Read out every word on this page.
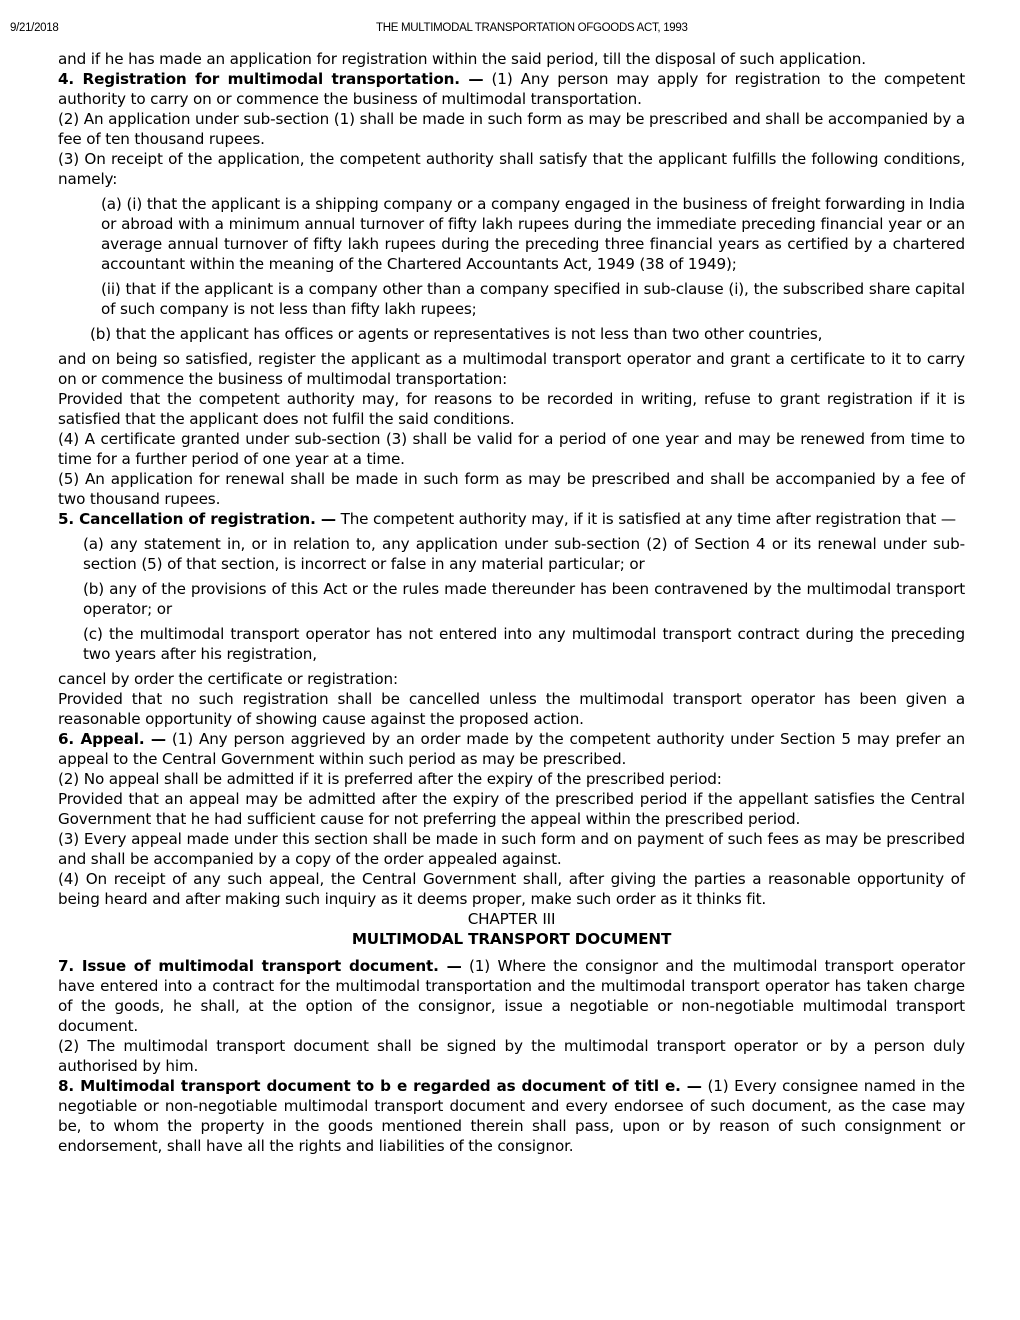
9/21/2018	THE MULTIMODAL TRANSPORTATION OFGOODS ACT, 1993

and if he has made an application for registration within the said period, till the disposal of such application.

4. Registration for multimodal transportation. — (1) Any person may apply for registration to the competent authority to carry on or commence the business of multimodal transportation.

(2) An application under sub-section (1) shall be made in such form as may be prescribed and shall be accompanied by a fee of ten thousand rupees.

(3) On receipt of the application, the competent authority shall satisfy that the applicant fulfills the following conditions, namely:

(a) (i) that the applicant is a shipping company or a company engaged in the business of freight forwarding in India or abroad with a minimum annual turnover of fifty lakh rupees during the immediate preceding financial year or an average annual turnover of fifty lakh rupees during the preceding three financial years as certified by a chartered accountant within the meaning of the Chartered Accountants Act, 1949 (38 of 1949);

(ii) that if the applicant is a company other than a company specified in sub-clause (i), the subscribed share capital of such company is not less than fifty lakh rupees;

(b) that the applicant has offices or agents or representatives is not less than two other countries,

and on being so satisfied, register the applicant as a multimodal transport operator and grant a certificate to it to carry on or commence the business of multimodal transportation:

Provided that the competent authority may, for reasons to be recorded in writing, refuse to grant registration if it is satisfied that the applicant does not fulfil the said conditions.

(4) A certificate granted under sub-section (3) shall be valid for a period of one year and may be renewed from time to time for a further period of one year at a time.

(5) An application for renewal shall be made in such form as may be prescribed and shall be accompanied by a fee of two thousand rupees.

5. Cancellation of registration. — The competent authority may, if it is satisfied at any time after registration that —

(a) any statement in, or in relation to, any application under sub-section (2) of Section 4 or its renewal under sub-section (5) of that section, is incorrect or false in any material particular; or

(b) any of the provisions of this Act or the rules made thereunder has been contravened by the multimodal transport operator; or

(c) the multimodal transport operator has not entered into any multimodal transport contract during the preceding two years after his registration,

cancel by order the certificate or registration:

Provided that no such registration shall be cancelled unless the multimodal transport operator has been given a reasonable opportunity of showing cause against the proposed action.

6. Appeal. — (1) Any person aggrieved by an order made by the competent authority under Section 5 may prefer an appeal to the Central Government within such period as may be prescribed.

(2) No appeal shall be admitted if it is preferred after the expiry of the prescribed period:

Provided that an appeal may be admitted after the expiry of the prescribed period if the appellant satisfies the Central Government that he had sufficient cause for not preferring the appeal within the prescribed period.

(3) Every appeal made under this section shall be made in such form and on payment of such fees as may be prescribed and shall be accompanied by a copy of the order appealed against.

(4) On receipt of any such appeal, the Central Government shall, after giving the parties a reasonable opportunity of being heard and after making such inquiry as it deems proper, make such order as it thinks fit.

CHAPTER III

MULTIMODAL TRANSPORT DOCUMENT

7. Issue of multimodal transport document. — (1) Where the consignor and the multimodal transport operator have entered into a contract for the multimodal transportation and the multimodal transport operator has taken charge of the goods, he shall, at the option of the consignor, issue a negotiable or non-negotiable multimodal transport document.

(2) The multimodal transport document shall be signed by the multimodal transport operator or by a person duly authorised by him.

8. Multimodal transport document to b e regarded as document of titl e. — (1) Every consignee named in the negotiable or non-negotiable multimodal transport document and every endorsee of such document, as the case may be, to whom the property in the goods mentioned therein shall pass, upon or by reason of such consignment or endorsement, shall have all the rights and liabilities of the consignor.
